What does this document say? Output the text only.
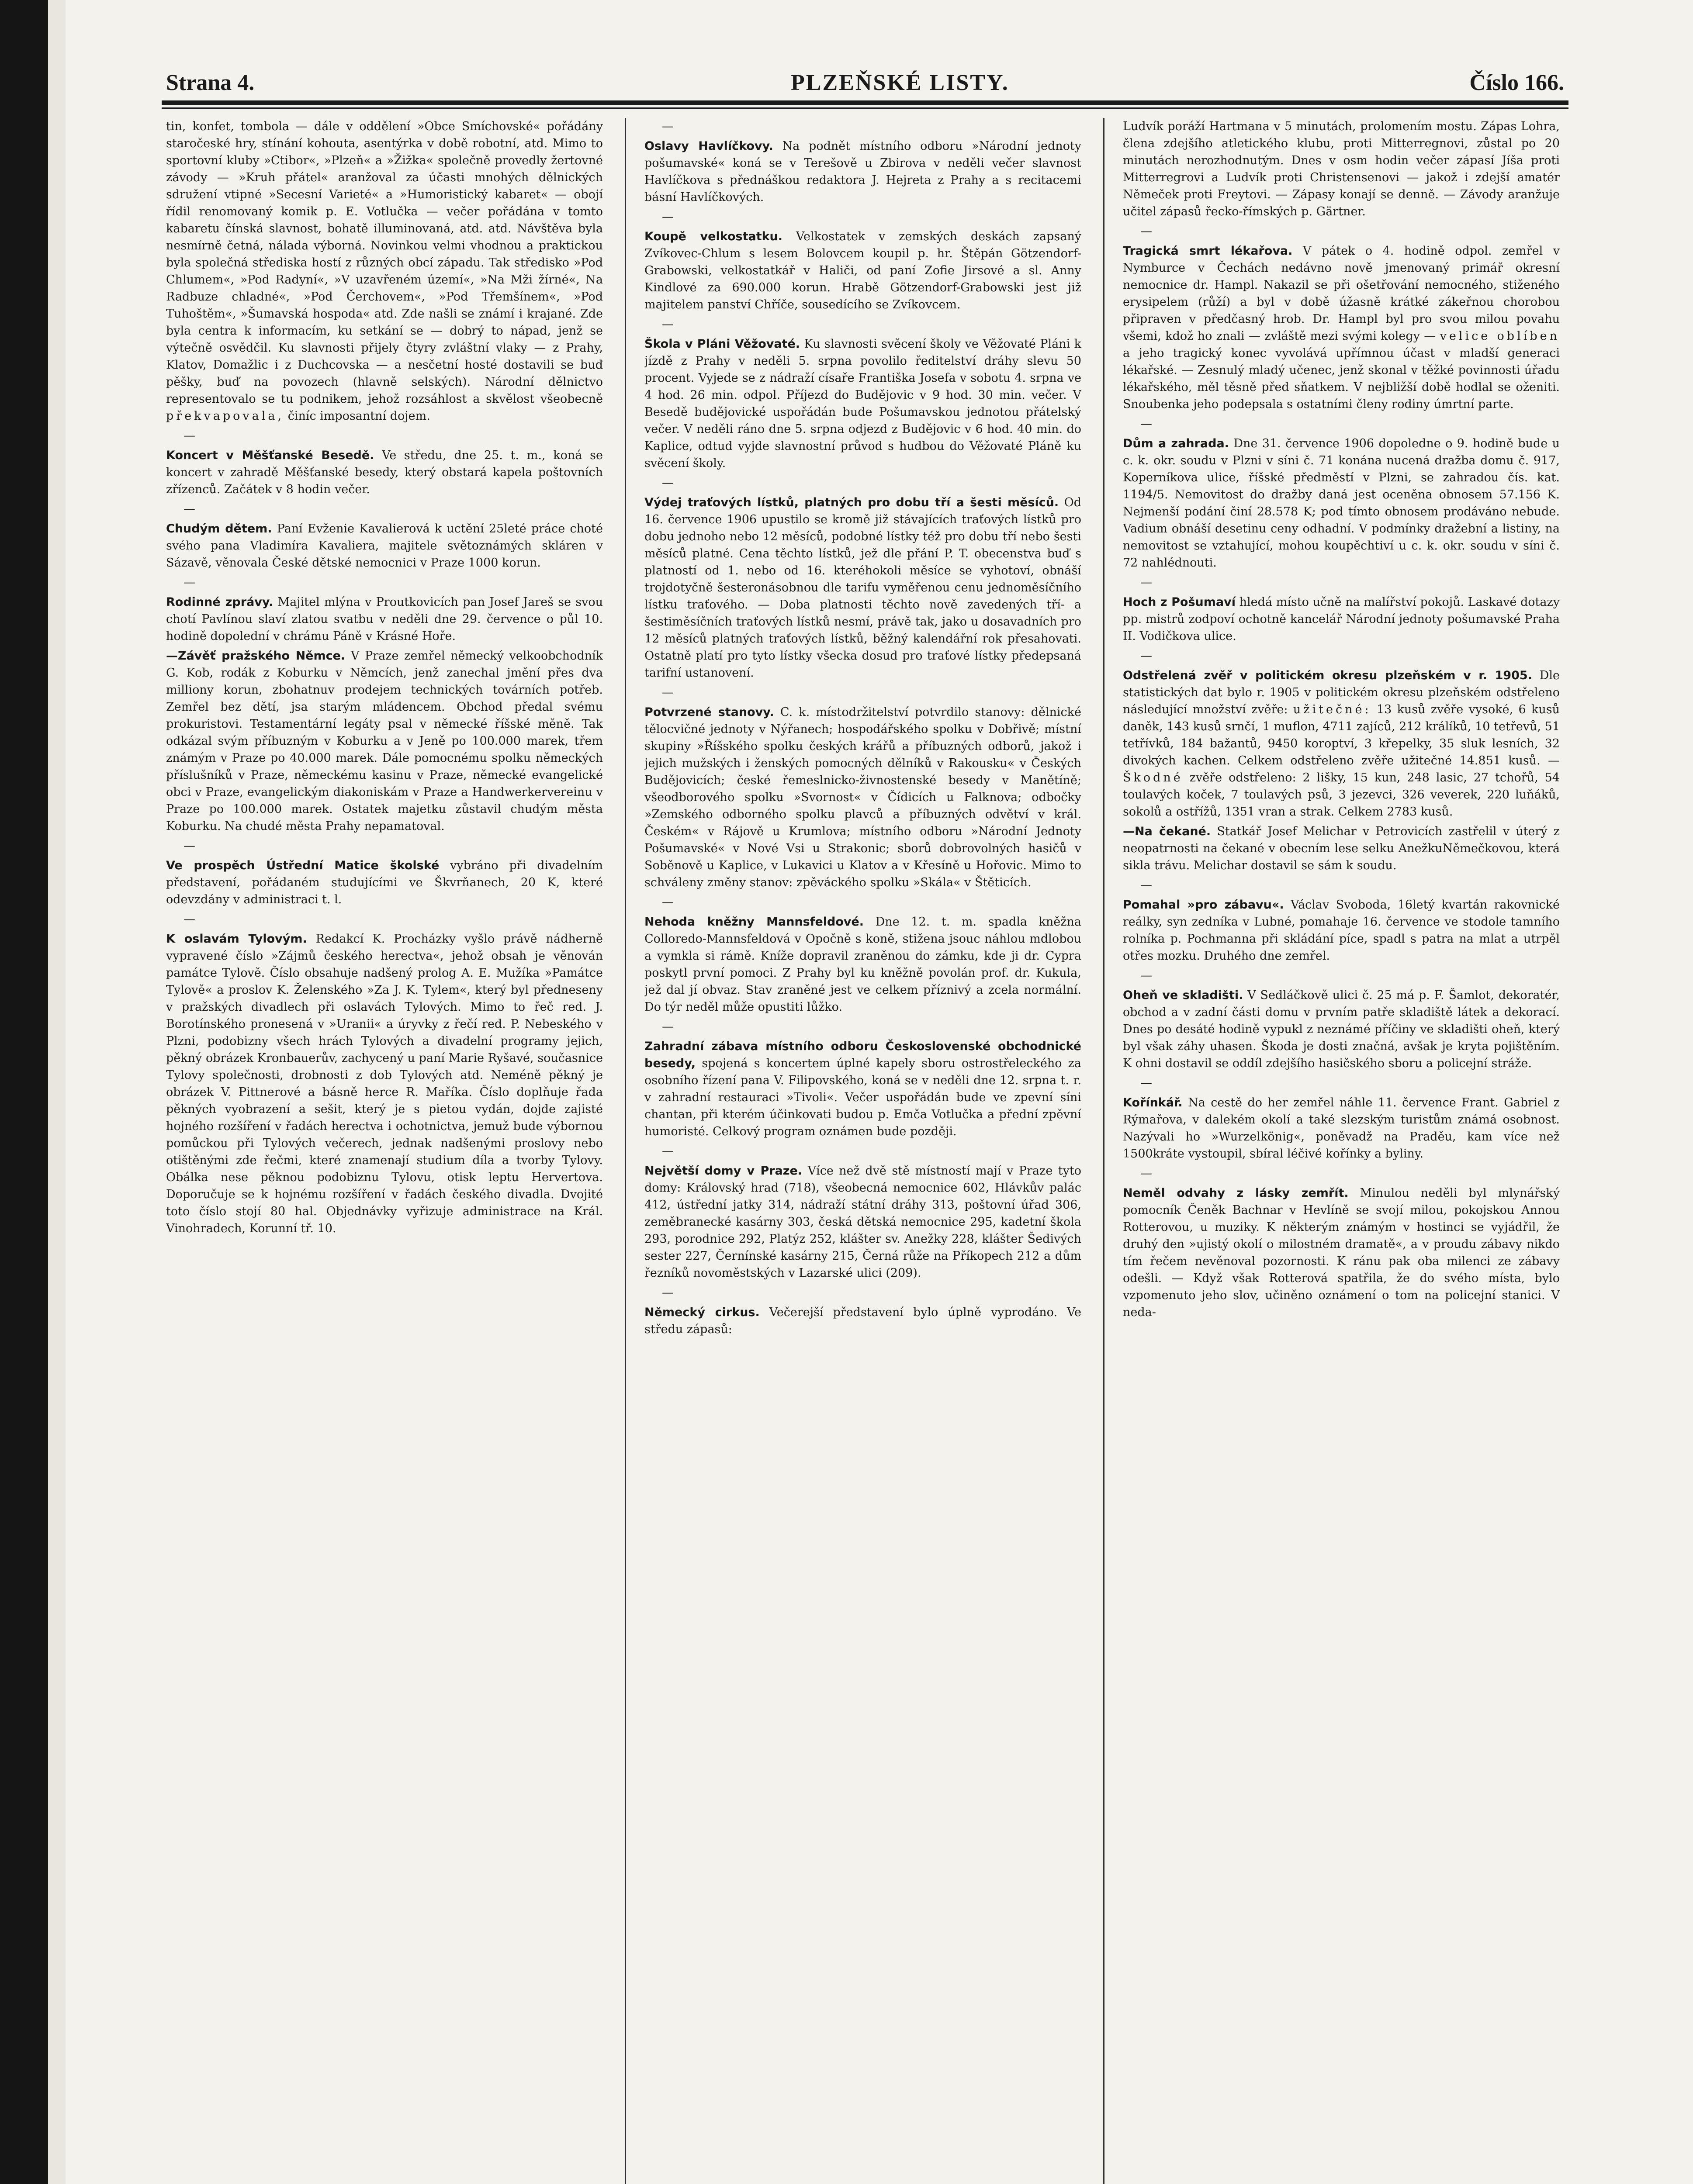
Strana 4.	PLZEŇSKÉ LISTY.	Číslo 166.

tin, konfet, tombola — dále v oddělení »Obce Smíchovské« pořádány staročeské hry, stínání kohouta, asentýrka v době robotní, atd. Mimo to sportovní kluby »Ctibor«, »Plzeň« a »Žižka« společně provedly žertovné závody — »Kruh přátel« aranžoval za účasti mnohých dělnických sdružení vtipné »Secesní Varieté« a »Humoristický kabaret« — obojí řídil renomovaný komik p. E. Votlučka — večer pořádána v tomto kabaretu čínská slavnost, bohatě illuminovaná, atd. atd. Návštěva byla nesmírně četná, nálada výborná. Novinkou velmi vhodnou a praktickou byla společná střediska hostí z různých obcí západu. Tak středisko »Pod Chlumem«, »Pod Radyní«, »V uzavřeném území«, »Na Mži žírné«, Na Radbuze chladné«, »Pod Čerchovem«, »Pod Třemšínem«, »Pod Tuhoštěm«, »Šumavská hospoda« atd. Zde našli se známí i krajané. Zde byla centra k informacím, ku setkání se — dobrý to nápad, jenž se výtečně osvědčil. Ku slavnosti přijely čtyry zvláštní vlaky — z Prahy, Klatov, Domažlic i z Duchcovska — a nesčetní hosté dostavili se buď pěšky, buď na povozech (hlavně selských). Národní dělnictvo representovalo se tu podnikem, jehož rozsáhlost a skvělost všeobecně překvapovala, činíc imposantní dojem.

—

Koncert v Měšťanské Besedě. Ve středu, dne 25. t. m., koná se koncert v zahradě Měšťanské besedy, který obstará kapela poštovních zřízenců. Začátek v 8 hodin večer.

—

Chudým dětem. Paní Evženie Kavalierová k uctění 25leté práce choté svého pana Vladimíra Kavaliera, majitele světoznámých skláren v Sázavě, věnovala České dětské nemocnici v Praze 1000 korun.

—

Rodinné zprávy. Majitel mlýna v Proutkovicích pan Josef Jareš se svou chotí Pavlínou slaví zlatou svatbu v neděli dne 29. července o půl 10. hodině dopolední v chrámu Páně v Krásné Hoře.

—Závěť pražského Němce. V Praze zemřel německý velkoobchodník G. Kob, rodák z Koburku v Němcích, jenž zanechal jmění přes dva milliony korun, zbohatnuv prodejem technických továrních potřeb. Zemřel bez dětí, jsa starým mládencem. Obchod předal svému prokuristovi. Testamentární legáty psal v německé říšské měně. Tak odkázal svým příbuzným v Koburku a v Jeně po 100.000 marek, třem známým v Praze po 40.000 marek. Dále pomocnému spolku německých příslušníků v Praze, německému kasinu v Praze, německé evangelické obci v Praze, evangelickým diakoniskám v Praze a Handwerkervereinu v Praze po 100.000 marek. Ostatek majetku zůstavil chudým města Koburku. Na chudé města Prahy nepamatoval.

—

Ve prospěch Ústřední Matice školské vybráno při divadelním představení, pořádaném studujícími ve Škvrňanech, 20 K, které odevzdány v administraci t. l.

—

K oslavám Tylovým. Redakcí K. Procházky vyšlo právě nádherně vypravené číslo »Zájmů českého herectva«, jehož obsah je věnován památce Tylově. Číslo obsahuje nadšený prolog A. E. Mužíka »Památce Tylově« a proslov K. Želenského »Za J. K. Tylem«, který byl předneseny v pražských divadlech při oslavách Tylových. Mimo to řeč red. J. Borotínského pronesená v »Uranii« a úryvky z řečí red. P. Nebeského v Plzni, podobizny všech hrách Tylových a divadelní programy jejich, pěkný obrázek Kronbauerův, zachycený u paní Marie Ryšavé, současnice Tylovy společnosti, drobnosti z dob Tylových atd. Neméně pěkný je obrázek V. Pittnerové a básně herce R. Maříka. Číslo doplňuje řada pěkných vyobrazení a sešit, který je s pietou vydán, dojde zajisté hojného rozšíření v řadách herectva i ochotnictva, jemuž bude výbornou pomůckou při Tylových večerech, jednak nadšenými proslovy nebo otištěnými zde řečmi, které znamenají studium díla a tvorby Tylovy. Obálka nese pěknou podobiznu Tylovu, otisk leptu Hervertova. Doporučuje se k hojnému rozšíření v řadách českého divadla. Dvojité toto číslo stojí 80 hal. Objednávky vyřizuje administrace na Král. Vinohradech, Korunní tř. 10.

—

Oslavy Havlíčkovy. Na podnět místního odboru »Národní jednoty pošumavské« koná se v Terešově u Zbirova v neděli večer slavnost Havlíčkova s přednáškou redaktora J. Hejreta z Prahy a s recitacemi básní Havlíčkových.

—

Koupě velkostatku. Velkostatek v zemských deskách zapsaný Zvíkovec-Chlum s lesem Bolovcem koupil p. hr. Štěpán Götzendorf-Grabowski, velkostatkář v Haliči, od paní Zofie Jirsové a sl. Anny Kindlové za 690.000 korun. Hrabě Götzendorf-Grabowski jest již majitelem panství Chříče, sousedícího se Zvíkovcem.

—

Škola v Pláni Věžovaté. Ku slavnosti svěcení školy ve Věžovaté Pláni k jízdě z Prahy v neděli 5. srpna povolilo ředitelství dráhy slevu 50 procent. Vyjede se z nádraží císaře Františka Josefa v sobotu 4. srpna ve 4 hod. 26 min. odpol. Příjezd do Budějovic v 9 hod. 30 min. večer. V Besedě budějovické uspořádán bude Pošumavskou jednotou přátelský večer. V neděli ráno dne 5. srpna odjezd z Budějovic v 6 hod. 40 min. do Kaplice, odtud vyjde slavnostní průvod s hudbou do Věžovaté Pláně ku svěcení školy.

—

Výdej traťových lístků, platných pro dobu tří a šesti měsíců. Od 16. července 1906 upustilo se kromě již stávajících traťových lístků pro dobu jednoho nebo 12 měsíců, podobné lístky též pro dobu tří nebo šesti měsíců platné. Cena těchto lístků, jež dle přání P. T. obecenstva buď s platností od 1. nebo od 16. kteréhokoli měsíce se vyhotoví, obnáší trojdotyčně šesteronásobnou dle tarifu vyměřenou cenu jednoměsíčního lístku traťového. — Doba platnosti těchto nově zavedených tří- a šestiměsíčních traťových lístků nesmí, právě tak, jako u dosavadních pro 12 měsíců platných traťových lístků, běžný kalendářní rok přesahovati. Ostatně platí pro tyto lístky všecka dosud pro traťové lístky předepsaná tarifní ustanovení.

—

Potvrzené stanovy. C. k. místodržitelství potvrdilo stanovy: dělnické tělocvičné jednoty v Nýřanech; hospodářského spolku v Dobřivě; místní skupiny »Říšského spolku českých krářů a příbuzných odborů, jakož i jejich mužských i ženských pomocných dělníků v Rakousku« v Českých Budějovicích; české řemeslnicko-živnostenské besedy v Manětíně; všeodborového spolku »Svornost« v Čídicích u Falknova; odbočky »Zemského odborného spolku plavců a příbuzných odvětví v král. Českém« v Rájově u Krumlova; místního odboru »Národní Jednoty Pošumavské« v Nové Vsi u Strakonic; sborů dobrovolných hasičů v Soběnově u Kaplice, v Lukavici u Klatov a v Křesíně u Hořovic. Mimo to schváleny změny stanov: zpěváckého spolku »Skála« v Štěticích.

—

Nehoda kněžny Mannsfeldové. Dne 12. t. m. spadla kněžna Colloredo-Mannsfeldová v Opočně s koně, stižena jsouc náhlou mdlobou a vymkla si rámě. Kníže dopravil zraněnou do zámku, kde ji dr. Cypra poskytl první pomoci. Z Prahy byl ku kněžně povolán prof. dr. Kukula, jež dal jí obvaz. Stav zraněné jest ve celkem příznivý a zcela normální. Do týr neděl může opustiti lůžko.

—

Zahradní zábava místního odboru Československé obchodnické besedy, spojená s koncertem úplné kapely sboru ostrostřeleckého za osobního řízení pana V. Filipovského, koná se v neděli dne 12. srpna t. r. v zahradní restauraci »Tivoli«. Večer uspořádán bude ve zpevní síni chantan, při kterém účinkovati budou p. Emča Votlučka a přední zpěvní humoristé. Celkový program oznámen bude později.

—

Největší domy v Praze. Více než dvě stě místností mají v Praze tyto domy: Královský hrad (718), všeobecná nemocnice 602, Hlávkův palác 412, ústřední jatky 314, nádraží státní dráhy 313, poštovní úřad 306, zeměbranecké kasárny 303, česká dětská nemocnice 295, kadetní škola 293, porodnice 292, Platýz 252, klášter sv. Anežky 228, klášter Šedivých sester 227, Černínské kasárny 215, Černá růže na Příkopech 212 a dům řezníků novoměstských v Lazarské ulici (209).

—

Německý cirkus. Večerejší představení bylo úplně vyprodáno. Ve středu zápasů:

Ludvík poráží Hartmana v 5 minutách, prolomením mostu. Zápas Lohra, člena zdejšího atletického klubu, proti Mitterregnovi, zůstal po 20 minutách nerozhodnutým. Dnes v osm hodin večer zápasí Jíša proti Mitterregrovi a Ludvík proti Christensenovi — jakož i zdejší amatér Němeček proti Freytovi. — Zápasy konají se denně. — Závody aranžuje učitel zápasů řecko-římských p. Gärtner.

—

Tragická smrt lékařova. V pátek o 4. hodině odpol. zemřel v Nymburce v Čechách nedávno nově jmenovaný primář okresní nemocnice dr. Hampl. Nakazil se při ošetřování nemocného, stiženého erysipelem (růží) a byl v době úžasně krátké zákeřnou chorobou připraven v předčasný hrob. Dr. Hampl byl pro svou milou povahu všemi, kdož ho znali — zvláště mezi svými kolegy — velice oblíben a jeho tragický konec vyvolává upřímnou účast v mladší generaci lékařské. — Zesnulý mladý učenec, jenž skonal v těžké povinnosti úřadu lékařského, měl těsně před sňatkem. V nejbližší době hodlal se oženiti. Snoubenka jeho podepsala s ostatními členy rodiny úmrtní parte.

—

Dům a zahrada. Dne 31. července 1906 dopoledne o 9. hodině bude u c. k. okr. soudu v Plzni v síni č. 71 konána nucená dražba domu č. 917, Koperníkova ulice, říšské předměstí v Plzni, se zahradou čís. kat. 1194/5. Nemovitost do dražby daná jest oceněna obnosem 57.156 K. Nejmenší podání činí 28.578 K; pod tímto obnosem prodáváno nebude. Vadium obnáší desetinu ceny odhadní. V podmínky dražební a listiny, na nemovitost se vztahující, mohou koupěchtiví u c. k. okr. soudu v síni č. 72 nahlédnouti.

—

Hoch z Pošumaví hledá místo učně na malířství pokojů. Laskavé dotazy pp. mistrů zodpoví ochotně kancelář Národní jednoty pošumavské Praha II. Vodičkova ulice.

—

Odstřelená zvěř v politickém okresu plzeňském v r. 1905. Dle statistických dat bylo r. 1905 v politickém okresu plzeňském odstřeleno následující množství zvěře: užitečné: 13 kusů zvěře vysoké, 6 kusů daněk, 143 kusů srnčí, 1 muflon, 4711 zajíců, 212 králíků, 10 tetřevů, 51 tetřívků, 184 bažantů, 9450 koroptví, 3 křepelky, 35 sluk lesních, 32 divokých kachen. Celkem odstřeleno zvěře užitečné 14.851 kusů. — Škodné zvěře odstřeleno: 2 lišky, 15 kun, 248 lasic, 27 tchořů, 54 toulavých koček, 7 toulavých psů, 3 jezevci, 326 veverek, 220 luňáků, sokolů a ostřížů, 1351 vran a strak. Celkem 2783 kusů.

—Na čekané. Statkář Josef Melichar v Petrovicích zastřelil v úterý z neopatrnosti na čekané v obecním lese selku AnežkuNěmečkovou, která sikla trávu. Melichar dostavil se sám k soudu.

—

Pomahal »pro zábavu«. Václav Svoboda, 16letý kvartán rakovnické reálky, syn zedníka v Lubné, pomahaje 16. července ve stodole tamního rolníka p. Pochmanna při skládání píce, spadl s patra na mlat a utrpěl otřes mozku. Druhého dne zemřel.

—

Oheň ve skladišti. V Sedláčkově ulici č. 25 má p. F. Šamlot, dekoratér, obchod a v zadní části domu v prvním patře skladiště látek a dekorací. Dnes po desáté hodině vypukl z neznámé příčiny ve skladišti oheň, který byl však záhy uhasen. Škoda je dosti značná, avšak je kryta pojištěním. K ohni dostavil se oddíl zdejšího hasičského sboru a policejní stráže.

—

Kořínkář. Na cestě do her zemřel náhle 11. července Frant. Gabriel z Rýmařova, v dalekém okolí a také slezským turistům známá osobnost. Nazývali ho »Wurzelkönig«, poněvadž na Praděu, kam více než 1500kráte vystoupil, sbíral léčivé kořínky a byliny.

—

Neměl odvahy z lásky zemřít. Minulou neděli byl mlynářský pomocník Čeněk Bachnar v Hevlíně se svojí milou, pokojskou Annou Rotterovou, u muziky. K některým známým v hostinci se vyjádřil, že druhý den »ujistý okolí o milostném dramatě«, a v proudu zábavy nikdo tím řečem nevěnoval pozornosti. K ránu pak oba milenci ze zábavy odešli. — Když však Rotterová spatřila, že do svého místa, bylo vzpomenuto jeho slov, učiněno oznámení o tom na policejní stanici. V neda-
